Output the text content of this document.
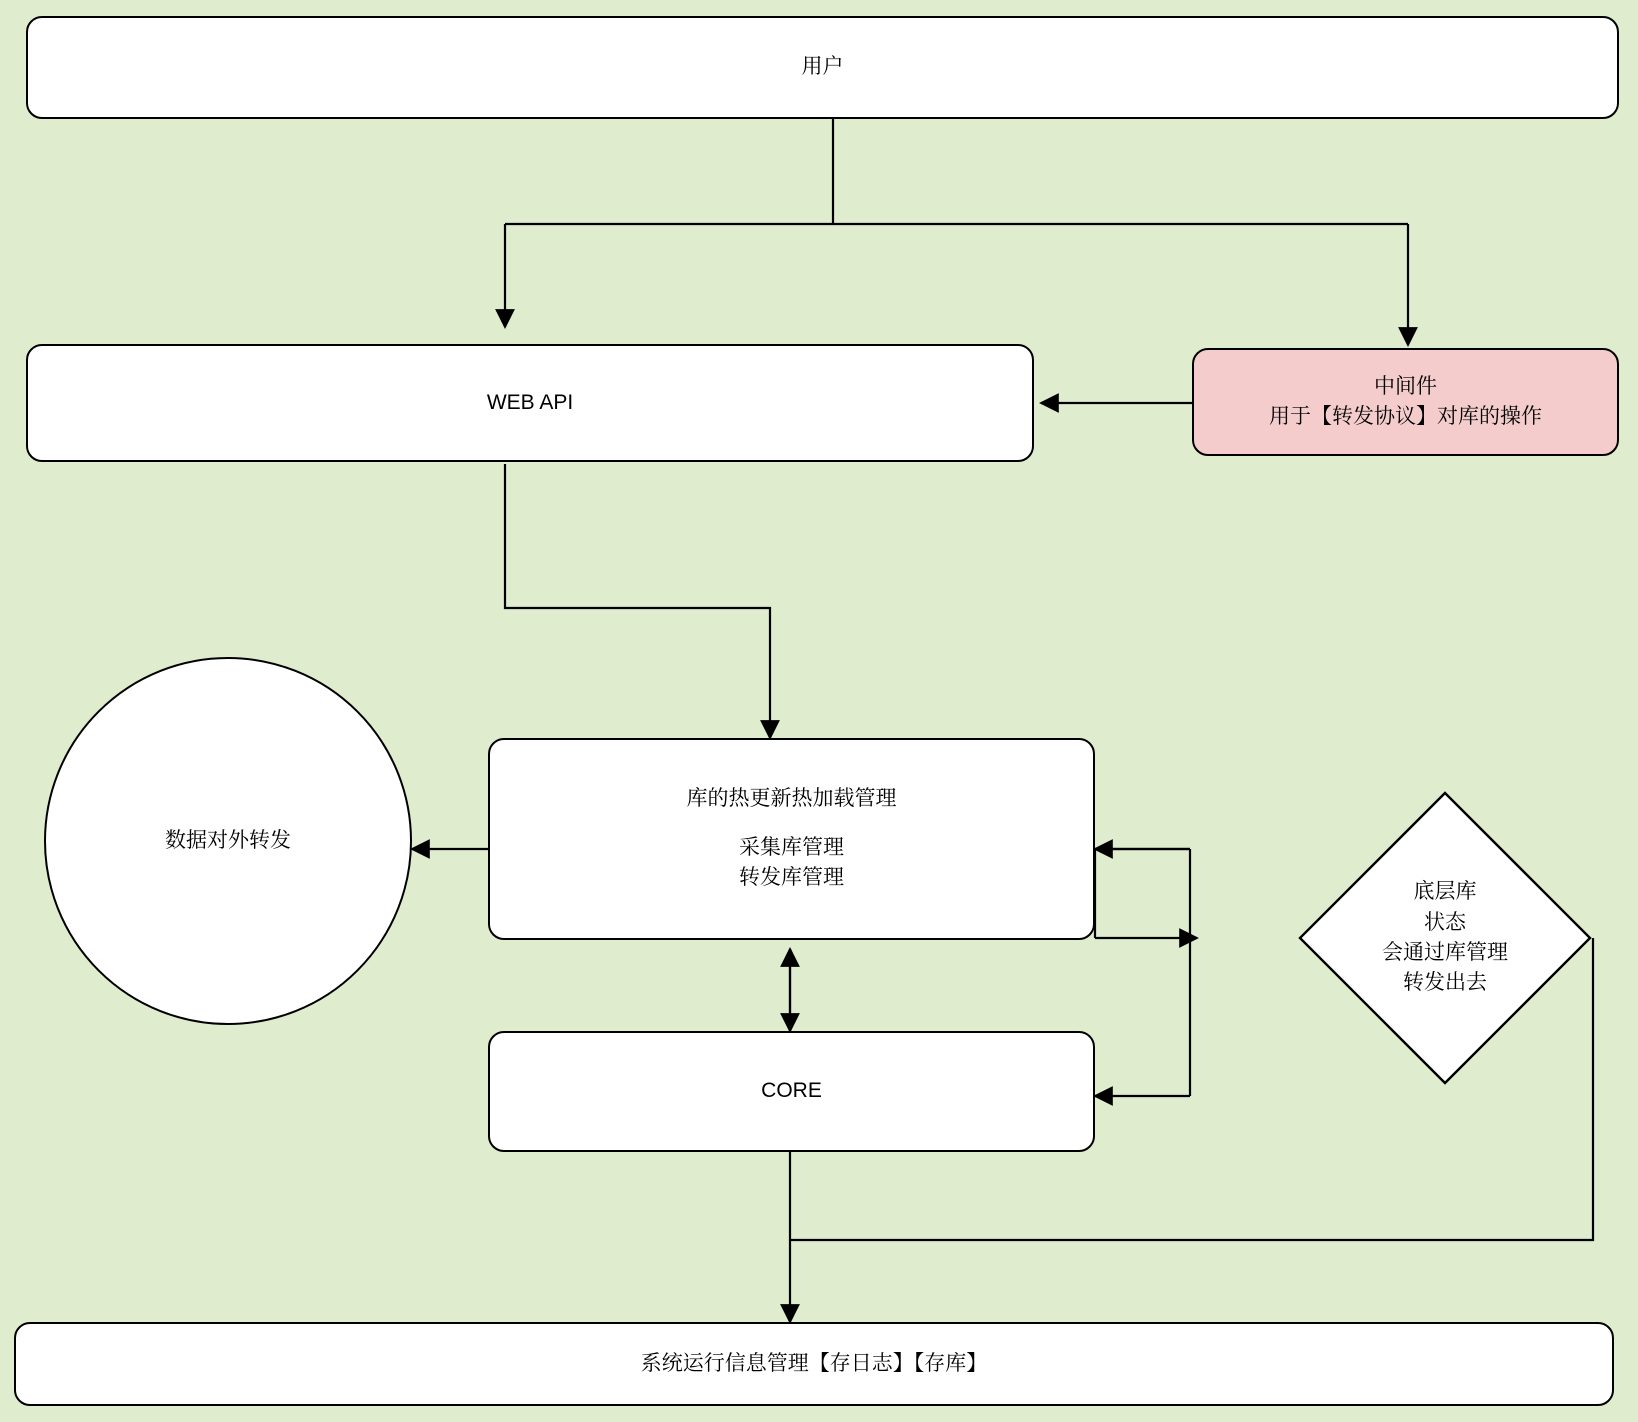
用户
WEB API
中间件
用于【转发协议】对库的操作
数据对外转发
库的热更新热加载管理
采集库管理
转发库管理
CORE
底层库
状态
会通过库管理
转发出去
系统运行信息管理【存日志】【存库】
